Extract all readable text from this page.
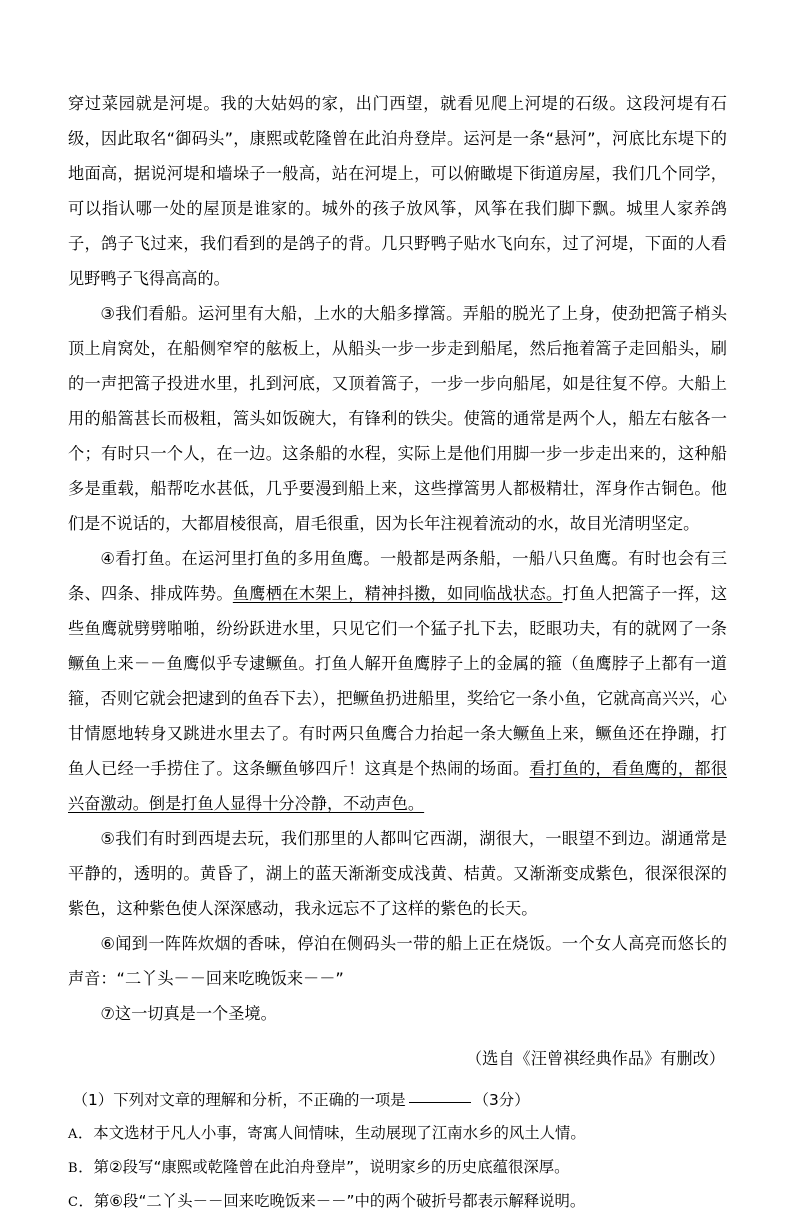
穿过菜园就是河堤。我的大姑妈的家，出门西望，就看见爬上河堤的石级。这段河堤有石级，因此取名“御码头”，康熙或乾隆曾在此泊舟登岸。运河是一条“悬河”，河底比东堤下的地面高，据说河堤和墙垛子一般高，站在河堤上，可以俯瞰堤下街道房屋，我们几个同学，可以指认哪一处的屋顶是谁家的。城外的孩子放风筝，风筝在我们脚下飘。城里人家养鸽子，鸽子飞过来，我们看到的是鸽子的背。几只野鸭子贴水飞向东，过了河堤，下面的人看见野鸭子飞得高高的。

③我们看船。运河里有大船，上水的大船多撑篙。弄船的脱光了上身，使劲把篙子梢头顶上肩窝处，在船侧窄窄的舷板上，从船头一步一步走到船尾，然后拖着篙子走回船头，刷的一声把篙子投进水里，扎到河底，又顶着篙子，一步一步向船尾，如是往复不停。大船上用的船篙甚长而极粗，篙头如饭碗大，有锋利的铁尖。使篙的通常是两个人，船左右舷各一个；有时只一个人，在一边。这条船的水程，实际上是他们用脚一步一步走出来的，这种船多是重载，船帮吃水甚低，几乎要漫到船上来，这些撑篙男人都极精壮，浑身作古铜色。他们是不说话的，大都眉棱很高，眉毛很重，因为长年注视着流动的水，故目光清明坚定。

④看打鱼。在运河里打鱼的多用鱼鹰。一般都是两条船，一船八只鱼鹰。有时也会有三条、四条、排成阵势。鱼鹰栖在木架上，精神抖擞，如同临战状态。打鱼人把篙子一挥，这些鱼鹰就劈劈啪啪，纷纷跃进水里，只见它们一个猛子扎下去，眨眼功夫，有的就网了一条鳜鱼上来－－鱼鹰似乎专逮鳜鱼。打鱼人解开鱼鹰脖子上的金属的箍（鱼鹰脖子上都有一道箍，否则它就会把逮到的鱼吞下去），把鳜鱼扔进船里，奖给它一条小鱼，它就高高兴兴，心甘情愿地转身又跳进水里去了。有时两只鱼鹰合力抬起一条大鳜鱼上来，鳜鱼还在挣蹦，打鱼人已经一手捞住了。这条鳜鱼够四斤！这真是个热闹的场面。看打鱼的，看鱼鹰的，都很兴奋激动。倒是打鱼人显得十分冷静，不动声色。

⑤我们有时到西堤去玩，我们那里的人都叫它西湖，湖很大，一眼望不到边。湖通常是平静的，透明的。黄昏了，湖上的蓝天渐渐变成浅黄、桔黄。又渐渐变成紫色，很深很深的紫色，这种紫色使人深深感动，我永远忘不了这样的紫色的长天。

⑥闻到一阵阵炊烟的香味，停泊在侧码头一带的船上正在烧饭。一个女人高亮而悠长的声音：“二丫头－－回来吃晚饭来－－”

⑦这一切真是一个圣境。

（选自《汪曾祺经典作品》有删改）

（1）下列对文章的理解和分析，不正确的一项是	（3分）

A．本文选材于凡人小事，寄寓人间情味，生动展现了江南水乡的风土人情。

B．第②段写“康熙或乾隆曾在此泊舟登岸”，说明家乡的历史底蕴很深厚。

C．第⑥段“二丫头－－回来吃晚饭来－－”中的两个破折号都表示解释说明。
